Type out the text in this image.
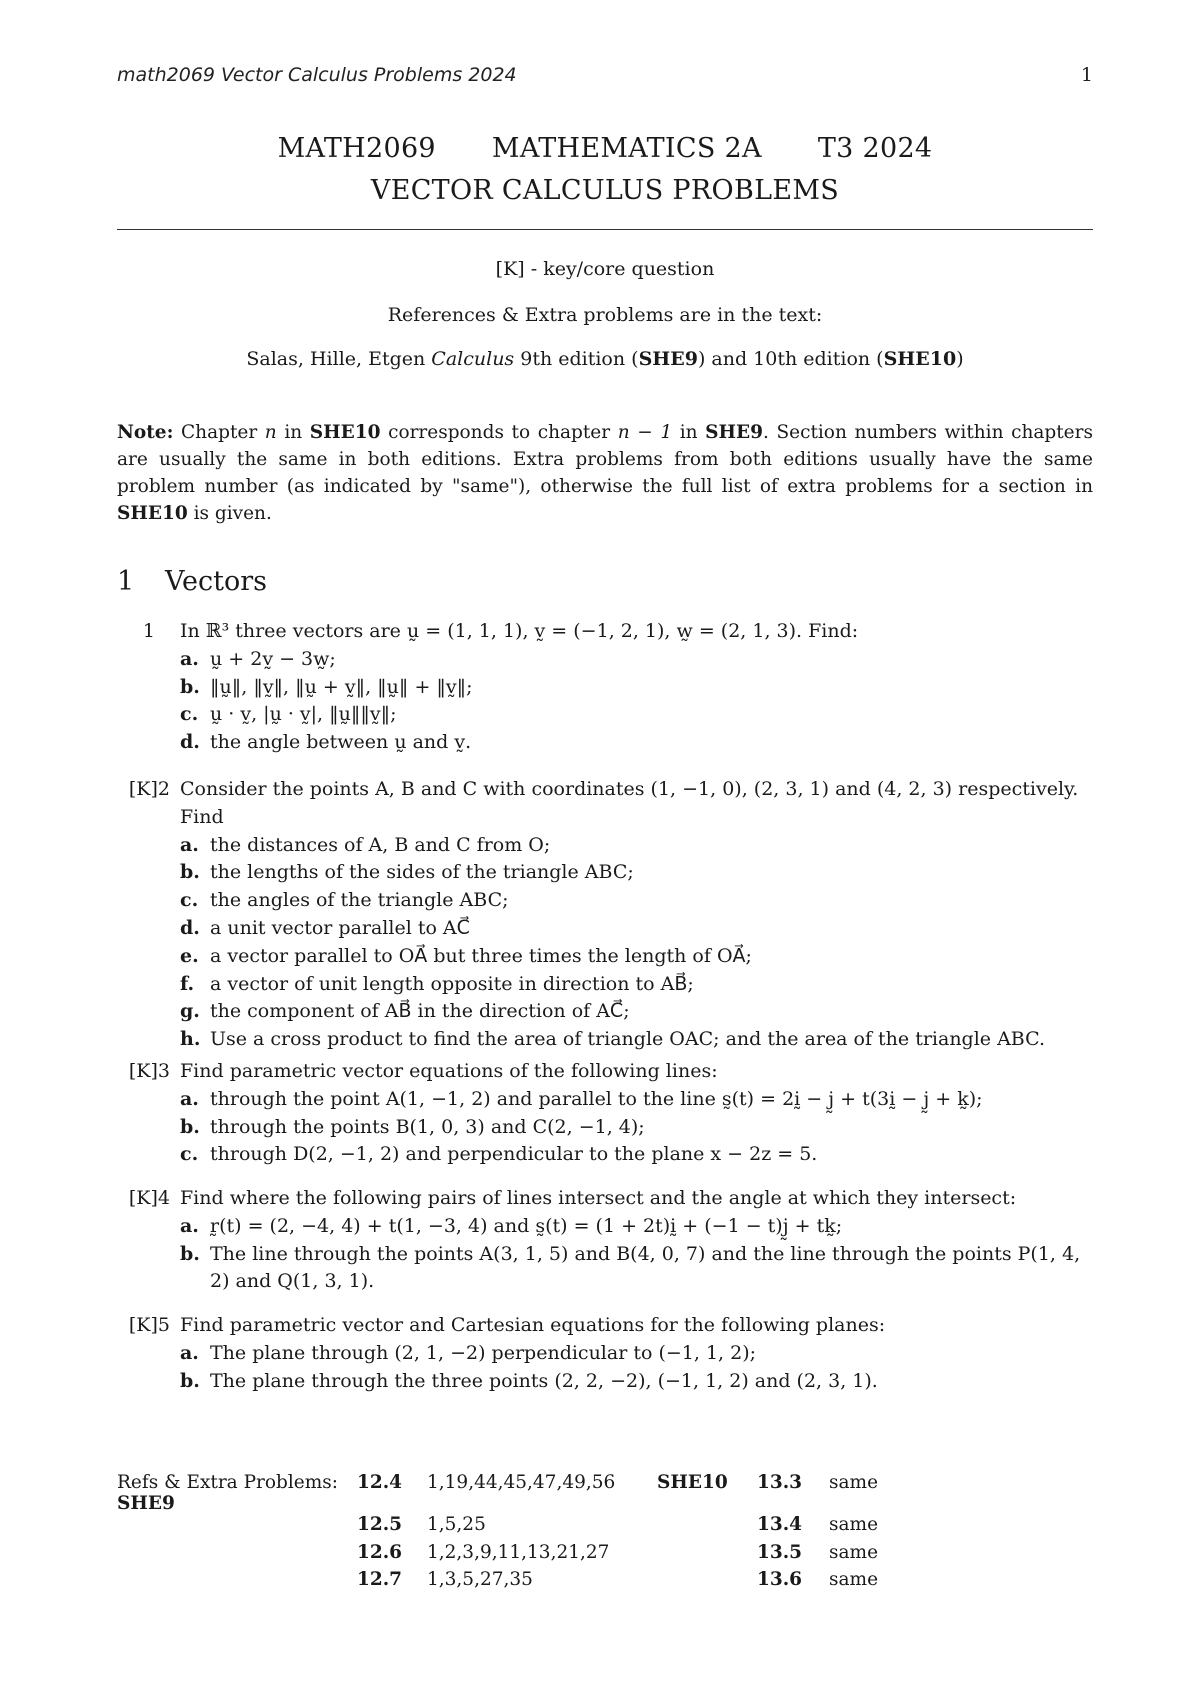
math2069 Vector Calculus Problems 2024	1
MATH2069 MATHEMATICS 2A T3 2024
VECTOR CALCULUS PROBLEMS
[K] - key/core question
References & Extra problems are in the text:
Salas, Hille, Etgen Calculus 9th edition (SHE9) and 10th edition (SHE10)
Note: Chapter n in SHE10 corresponds to chapter n − 1 in SHE9. Section numbers within chapters are usually the same in both editions. Extra problems from both editions usually have the same problem number (as indicated by "same"), otherwise the full list of extra problems for a section in SHE10 is given.
1 Vectors
1	In ℝ³ three vectors are ṵ = (1, 1, 1), v̰ = (−1, 2, 1), w̰ = (2, 1, 3). Find:
a. ṵ + 2v̰ − 3w̰;
b. ‖ṵ‖, ‖v̰‖, ‖ṵ + v̰‖, ‖ṵ‖ + ‖v̰‖;
c. ṵ · v̰, |ṵ · v̰|, ‖ṵ‖‖v̰‖;
d. the angle between ṵ and v̰.
[K]2 Consider the points A, B and C with coordinates (1, −1, 0), (2, 3, 1) and (4, 2, 3) respectively. Find
a. the distances of A, B and C from O;
b. the lengths of the sides of the triangle ABC;
c. the angles of the triangle ABC;
d. a unit vector parallel to AC⃗
e. a vector parallel to OA⃗ but three times the length of OA⃗;
f. a vector of unit length opposite in direction to AB⃗;
g. the component of AB⃗ in the direction of AC⃗;
h. Use a cross product to find the area of triangle OAC; and the area of the triangle ABC.
[K]3 Find parametric vector equations of the following lines:
a. through the point A(1, −1, 2) and parallel to the line s̰(t) = 2ḭ − j̰ + t(3ḭ − j̰ + k̰);
b. through the points B(1, 0, 3) and C(2, −1, 4);
c. through D(2, −1, 2) and perpendicular to the plane x − 2z = 5.
[K]4 Find where the following pairs of lines intersect and the angle at which they intersect:
a. r̰(t) = (2, −4, 4) + t(1, −3, 4) and s̰(t) = (1 + 2t)ḭ + (−1 − t)j̰ + tk̰;
b. The line through the points A(3, 1, 5) and B(4, 0, 7) and the line through the points P(1, 4, 2) and Q(1, 3, 1).
[K]5 Find parametric vector and Cartesian equations for the following planes:
a. The plane through (2, 1, −2) perpendicular to (−1, 1, 2);
b. The plane through the three points (2, 2, −2), (−1, 1, 2) and (2, 3, 1).
Refs & Extra Problems: SHE9	12.4	1,19,44,45,47,49,56	SHE10	13.3	same
	12.5	1,5,25		13.4	same
	12.6	1,2,3,9,11,13,21,27		13.5	same
	12.7	1,3,5,27,35		13.6	same
